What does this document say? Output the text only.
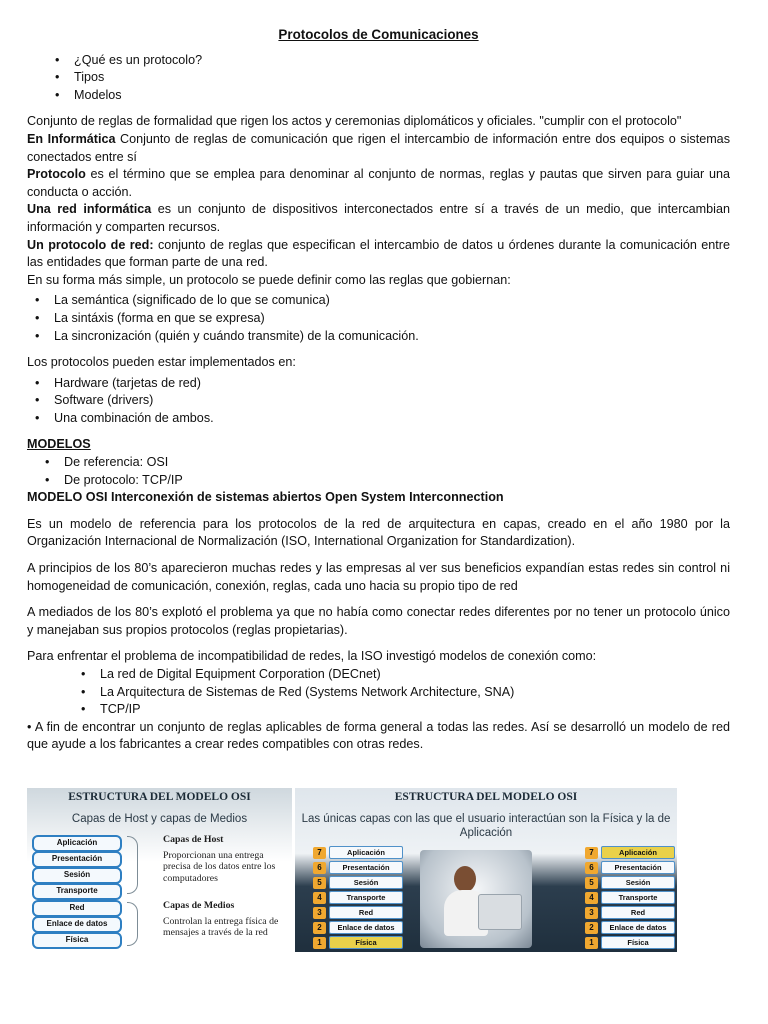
Protocolos de Comunicaciones
• ¿Qué es un protocolo?
• Tipos
• Modelos

Conjunto de reglas de formalidad que rigen los actos y ceremonias diplomáticos y oficiales. "cumplir con el protocolo"

En Informática Conjunto de reglas de comunicación que rigen el intercambio de información entre dos equipos o sistemas conectados entre sí

Protocolo es el término que se emplea para denominar al conjunto de normas, reglas y pautas que sirven para guiar una conducta o acción.

Una red informática es un conjunto de dispositivos interconectados entre sí a través de un medio, que intercambian información y comparten recursos.

Un protocolo de red: conjunto de reglas que especifican el intercambio de datos u órdenes durante la comunicación entre las entidades que forman parte de una red.

En su forma más simple, un protocolo se puede definir como las reglas que gobiernan:

• La semántica (significado de lo que se comunica)
• La sintáxis (forma en que se expresa)
• La sincronización (quién y cuándo transmite) de la comunicación.

Los protocolos pueden estar implementados en:

• Hardware (tarjetas de red)
• Software (drivers)
• Una combinación de ambos.

MODELOS

• De referencia: OSI
• De protocolo: TCP/IP

MODELO OSI Interconexión de sistemas abiertos Open System Interconnection

Es un modelo de referencia para los protocolos de la red de arquitectura en capas, creado en el año 1980 por la Organización Internacional de Normalización (ISO, International Organization for Standardization).

A principios de los 80’s aparecieron muchas redes y las empresas al ver sus beneficios expandían estas redes sin control ni homogeneidad de comunicación, conexión, reglas, cada uno hacia su propio tipo de red

A mediados de los 80’s explotó el problema ya que no había como conectar redes diferentes por no tener un protocolo único y manejaban sus propios protocolos (reglas propietarias).

Para enfrentar el problema de incompatibilidad de redes, la ISO investigó modelos de conexión como:

• La red de Digital Equipment Corporation (DECnet)
• La Arquitectura de Sistemas de Red (Systems Network Architecture, SNA)
• TCP/IP

• A fin de encontrar un conjunto de reglas aplicables de forma general a todas las redes. Así se desarrolló un modelo de red que ayude a los fabricantes a crear redes compatibles con otras redes.

ESTRUCTURA DEL MODELO OSI
Capas de Host y capas de Medios
Aplicación
Presentación
Sesión
Transporte
Red
Enlace de datos
Física
Capas de Host
Proporcionan una entrega precisa de los datos entre los computadores
Capas de Medios
Controlan la entrega física de mensajes a través de la red
ESTRUCTURA DEL MODELO OSI
Las únicas capas con las que el usuario interactúan son la Física y la de Aplicación
7	Aplicación
6	Presentación
5	Sesión
4	Transporte
3	Red
2	Enlace de datos
1	Física
7	Aplicación
6	Presentación
5	Sesión
4	Transporte
3	Red
2	Enlace de datos
1	Física
